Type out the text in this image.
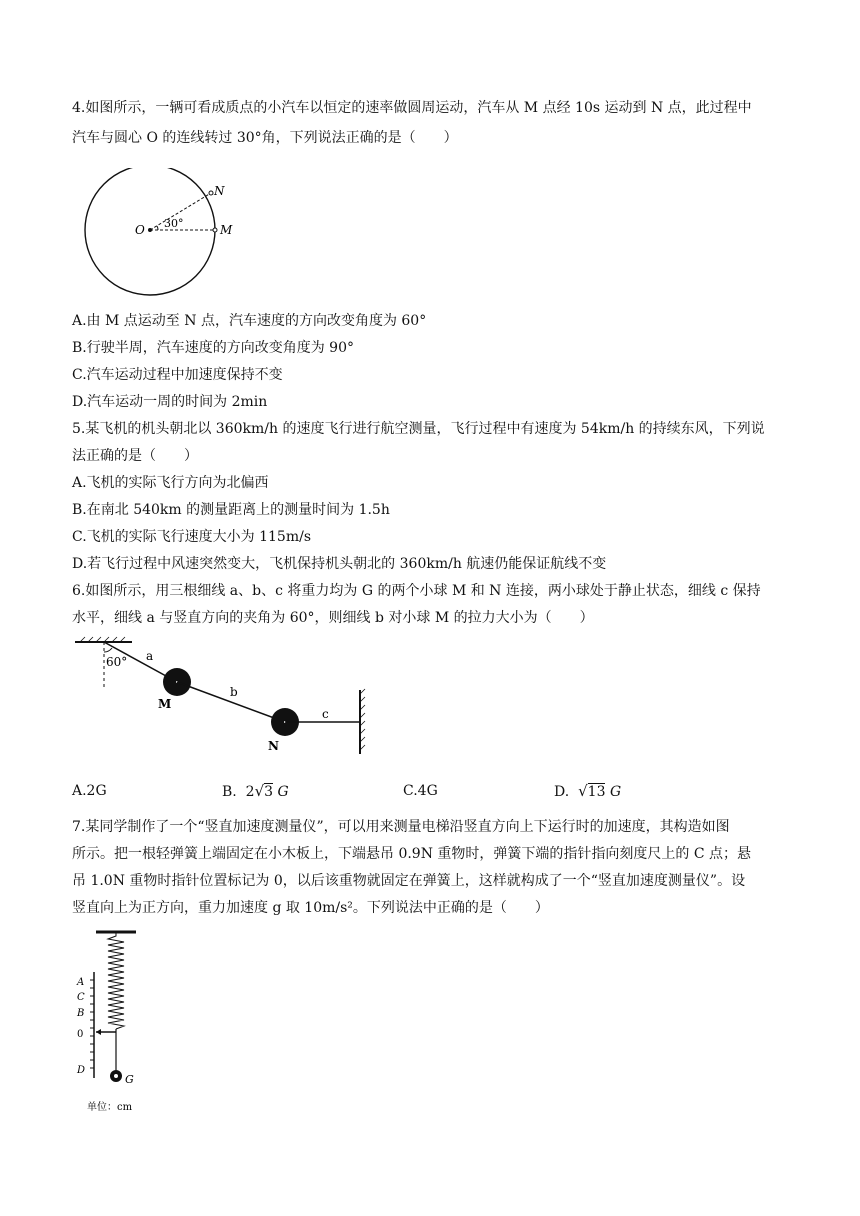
4.如图所示，一辆可看成质点的小汽车以恒定的速率做圆周运动，汽车从 M 点经 10s 运动到 N 点，此过程中
汽车与圆心 O 的连线转过 30°角，下列说法正确的是（　　）
O 30°
N
M
A.由 M 点运动至 N 点，汽车速度的方向改变角度为 60°
B.行驶半周，汽车速度的方向改变角度为 90°
C.汽车运动过程中加速度保持不变
D.汽车运动一周的时间为 2min
5.某飞机的机头朝北以 360km/h 的速度飞行进行航空测量，飞行过程中有速度为 54km/h 的持续东风，下列说
法正确的是（　　）
A.飞机的实际飞行方向为北偏西
B.在南北 540km 的测量距离上的测量时间为 1.5h
C.飞机的实际飞行速度大小为 115m/s
D.若飞行过程中风速突然变大，飞机保持机头朝北的 360km/h 航速仍能保证航线不变
6.如图所示，用三根细线 a、b、c 将重力均为 G 的两个小球 M 和 N 连接，两小球处于静止状态，细线 c 保持
水平，细线 a 与竖直方向的夹角为 60°，则细线 b 对小球 M 的拉力大小为（　　）
60° a
M
b
N
c
A.2G	B. 2√3 G	C.4G	D. √13 G
7.某同学制作了一个“竖直加速度测量仪”，可以用来测量电梯沿竖直方向上下运行时的加速度，其构造如图
所示。把一根轻弹簧上端固定在小木板上，下端悬吊 0.9N 重物时，弹簧下端的指针指向刻度尺上的 C 点；悬
吊 1.0N 重物时指针位置标记为 0，以后该重物就固定在弹簧上，这样就构成了一个“竖直加速度测量仪”。设
竖直向上为正方向，重力加速度 g 取 10m/s²。下列说法中正确的是（　　）
A
C
B
0
D
G
单位：cm
